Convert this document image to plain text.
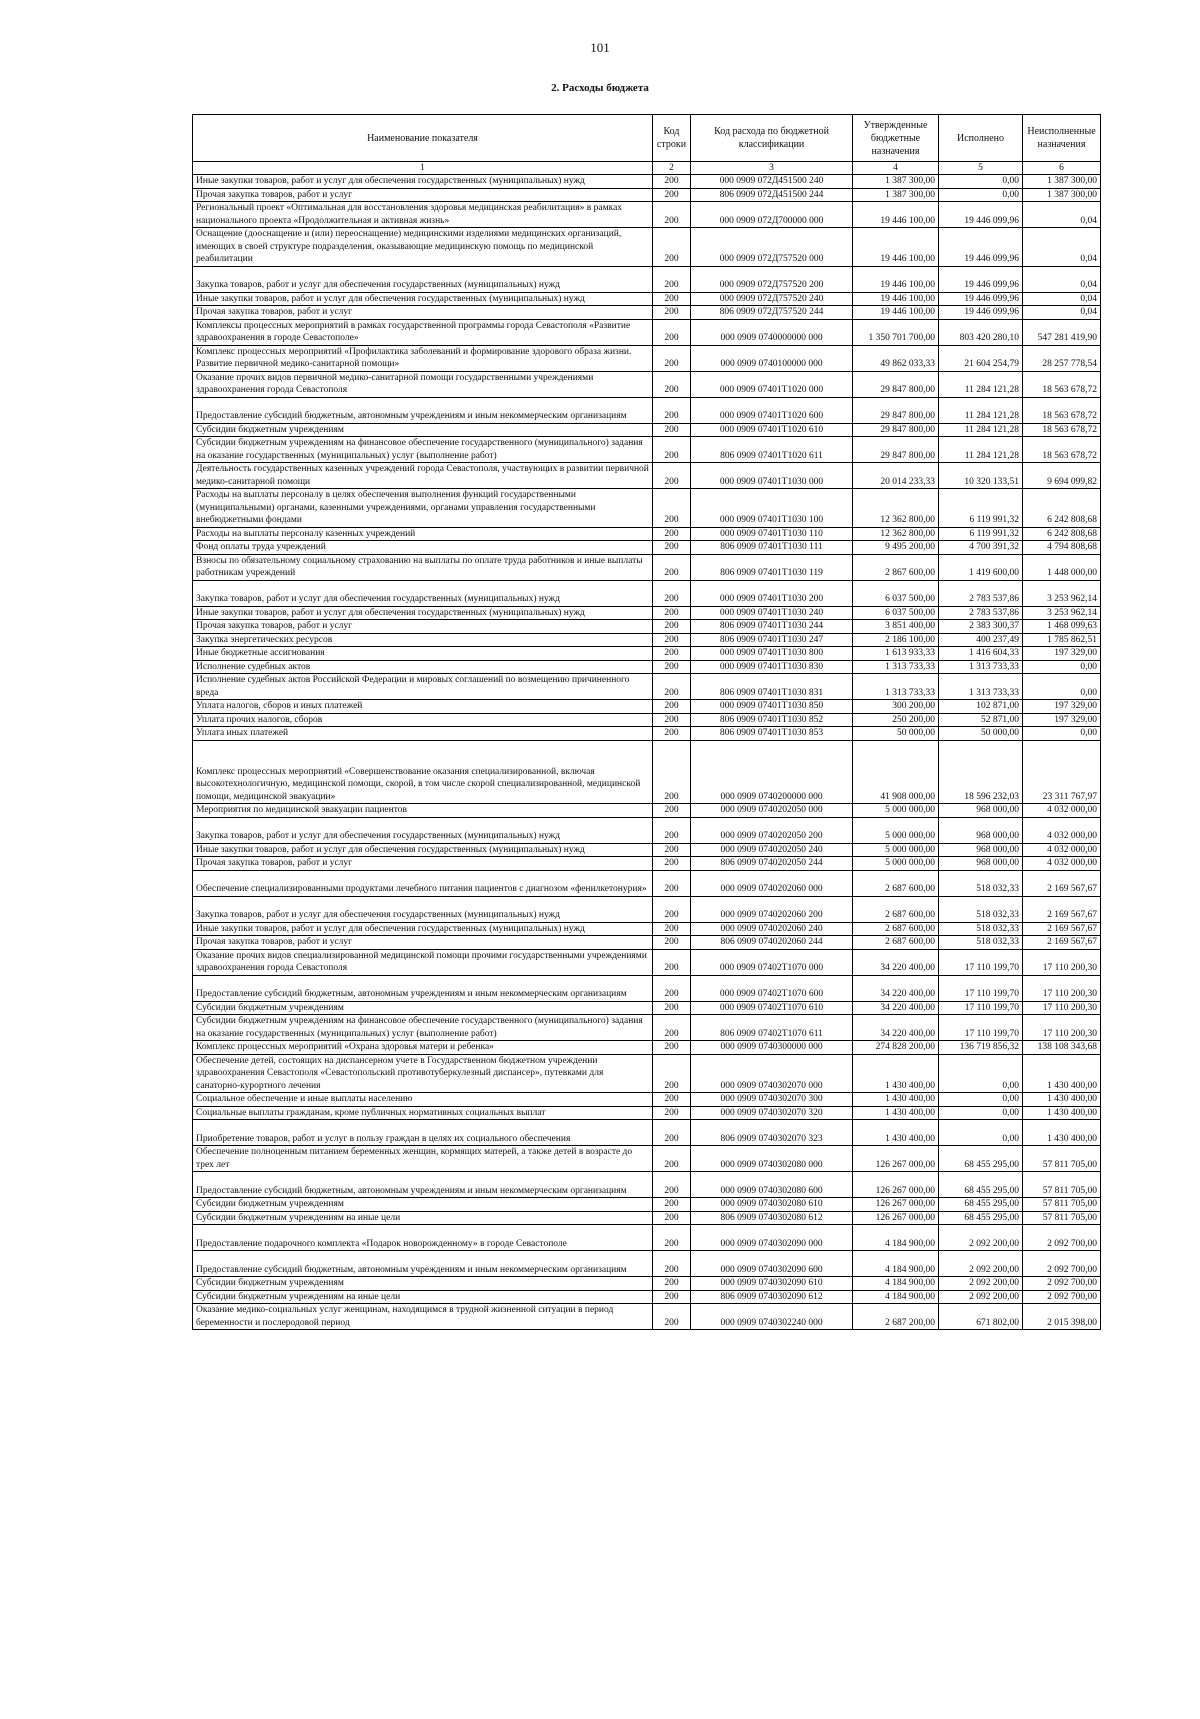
101
2. Расходы бюджета
Наименование показателя	Код строки	Код расхода по бюджетной классификации	Утвержденные бюджетные назначения	Исполнено	Неисполненные назначения
1	2	3	4	5	6
Иные закупки товаров, работ и услуг для обеспечения государственных (муниципальных) нужд	200	000 0909 072Д451500 240	1 387 300,00	0,00	1 387 300,00
Прочая закупка товаров, работ и услуг	200	806 0909 072Д451500 244	1 387 300,00	0,00	1 387 300,00
Региональный проект «Оптимальная для восстановления здоровья медицинская реабилитация» в рамках национального проекта «Продолжительная и активная жизнь»	200	000 0909 072Д700000 000	19 446 100,00	19 446 099,96	0,04
Оснащение (дооснащение и (или) переоснащение) медицинскими изделиями медицинских организаций, имеющих в своей структуре подразделения, оказывающие медицинскую помощь по медицинской реабилитации	200	000 0909 072Д757520 000	19 446 100,00	19 446 099,96	0,04
Закупка товаров, работ и услуг для обеспечения государственных (муниципальных) нужд	200	000 0909 072Д757520 200	19 446 100,00	19 446 099,96	0,04
Иные закупки товаров, работ и услуг для обеспечения государственных (муниципальных) нужд	200	000 0909 072Д757520 240	19 446 100,00	19 446 099,96	0,04
Прочая закупка товаров, работ и услуг	200	806 0909 072Д757520 244	19 446 100,00	19 446 099,96	0,04
Комплексы процессных мероприятий в рамках государственной программы города Севастополя «Развитие здравоохранения в городе Севастополе»	200	000 0909 0740000000 000	1 350 701 700,00	803 420 280,10	547 281 419,90
Комплекс процессных мероприятий «Профилактика заболеваний и формирование здорового образа жизни. Развитие первичной медико-санитарной помощи»	200	000 0909 0740100000 000	49 862 033,33	21 604 254,79	28 257 778,54
Оказание прочих видов первичной медико-санитарной помощи государственными учреждениями здравоохранения города Севастополя	200	000 0909 07401Т1020 000	29 847 800,00	11 284 121,28	18 563 678,72
Предоставление субсидий бюджетным, автономным учреждениям и иным некоммерческим организациям	200	000 0909 07401Т1020 600	29 847 800,00	11 284 121,28	18 563 678,72
Субсидии бюджетным учреждениям	200	000 0909 07401Т1020 610	29 847 800,00	11 284 121,28	18 563 678,72
Субсидии бюджетным учреждениям на финансовое обеспечение государственного (муниципального) задания на оказание государственных (муниципальных) услуг (выполнение работ)	200	806 0909 07401Т1020 611	29 847 800,00	11 284 121,28	18 563 678,72
Деятельность государственных казенных учреждений города Севастополя, участвующих в развитии первичной медико-санитарной помощи	200	000 0909 07401Т1030 000	20 014 233,33	10 320 133,51	9 694 099,82
Расходы на выплаты персоналу в целях обеспечения выполнения функций государственными (муниципальными) органами, казенными учреждениями, органами управления государственными внебюджетными фондами	200	000 0909 07401Т1030 100	12 362 800,00	6 119 991,32	6 242 808,68
Расходы на выплаты персоналу казенных учреждений	200	000 0909 07401Т1030 110	12 362 800,00	6 119 991,32	6 242 808,68
Фонд оплаты труда учреждений	200	806 0909 07401Т1030 111	9 495 200,00	4 700 391,32	4 794 808,68
Взносы по обязательному социальному страхованию на выплаты по оплате труда работников и иные выплаты работникам учреждений	200	806 0909 07401Т1030 119	2 867 600,00	1 419 600,00	1 448 000,00
Закупка товаров, работ и услуг для обеспечения государственных (муниципальных) нужд	200	000 0909 07401Т1030 200	6 037 500,00	2 783 537,86	3 253 962,14
Иные закупки товаров, работ и услуг для обеспечения государственных (муниципальных) нужд	200	000 0909 07401Т1030 240	6 037 500,00	2 783 537,86	3 253 962,14
Прочая закупка товаров, работ и услуг	200	806 0909 07401Т1030 244	3 851 400,00	2 383 300,37	1 468 099,63
Закупка энергетических ресурсов	200	806 0909 07401Т1030 247	2 186 100,00	400 237,49	1 785 862,51
Иные бюджетные ассигнования	200	000 0909 07401Т1030 800	1 613 933,33	1 416 604,33	197 329,00
Исполнение судебных актов	200	000 0909 07401Т1030 830	1 313 733,33	1 313 733,33	0,00
Исполнение судебных актов Российской Федерации и мировых соглашений по возмещению причиненного вреда	200	806 0909 07401Т1030 831	1 313 733,33	1 313 733,33	0,00
Уплата налогов, сборов и иных платежей	200	000 0909 07401Т1030 850	300 200,00	102 871,00	197 329,00
Уплата прочих налогов, сборов	200	806 0909 07401Т1030 852	250 200,00	52 871,00	197 329,00
Уплата иных платежей	200	806 0909 07401Т1030 853	50 000,00	50 000,00	0,00
Комплекс процессных мероприятий «Совершенствование оказания специализированной, включая высокотехнологичную, медицинской помощи, скорой, в том числе скорой специализированной, медицинской помощи, медицинской эвакуации»	200	000 0909 0740200000 000	41 908 000,00	18 596 232,03	23 311 767,97
Мероприятия по медицинской эвакуации пациентов	200	000 0909 0740202050 000	5 000 000,00	968 000,00	4 032 000,00
Закупка товаров, работ и услуг для обеспечения государственных (муниципальных) нужд	200	000 0909 0740202050 200	5 000 000,00	968 000,00	4 032 000,00
Иные закупки товаров, работ и услуг для обеспечения государственных (муниципальных) нужд	200	000 0909 0740202050 240	5 000 000,00	968 000,00	4 032 000,00
Прочая закупка товаров, работ и услуг	200	806 0909 0740202050 244	5 000 000,00	968 000,00	4 032 000,00
Обеспечение специализированными продуктами лечебного питания пациентов с диагнозом «фенилкетонурия»	200	000 0909 0740202060 000	2 687 600,00	518 032,33	2 169 567,67
Закупка товаров, работ и услуг для обеспечения государственных (муниципальных) нужд	200	000 0909 0740202060 200	2 687 600,00	518 032,33	2 169 567,67
Иные закупки товаров, работ и услуг для обеспечения государственных (муниципальных) нужд	200	000 0909 0740202060 240	2 687 600,00	518 032,33	2 169 567,67
Прочая закупка товаров, работ и услуг	200	806 0909 0740202060 244	2 687 600,00	518 032,33	2 169 567,67
Оказание прочих видов специализированной медицинской помощи прочими государственными учреждениями здравоохранения города Севастополя	200	000 0909 07402Т1070 000	34 220 400,00	17 110 199,70	17 110 200,30
Предоставление субсидий бюджетным, автономным учреждениям и иным некоммерческим организациям	200	000 0909 07402Т1070 600	34 220 400,00	17 110 199,70	17 110 200,30
Субсидии бюджетным учреждениям	200	000 0909 07402Т1070 610	34 220 400,00	17 110 199,70	17 110 200,30
Субсидии бюджетным учреждениям на финансовое обеспечение государственного (муниципального) задания на оказание государственных (муниципальных) услуг (выполнение работ)	200	806 0909 07402Т1070 611	34 220 400,00	17 110 199,70	17 110 200,30
Комплекс процессных мероприятий «Охрана здоровья матери и ребенка»	200	000 0909 0740300000 000	274 828 200,00	136 719 856,32	138 108 343,68
Обеспечение детей, состоящих на диспансерном учете в Государственном бюджетном учреждении здравоохранения Севастополя «Севастопольский противотуберкулезный диспансер», путевками для санаторно-курортного лечения	200	000 0909 0740302070 000	1 430 400,00	0,00	1 430 400,00
Социальное обеспечение и иные выплаты населению	200	000 0909 0740302070 300	1 430 400,00	0,00	1 430 400,00
Социальные выплаты гражданам, кроме публичных нормативных социальных выплат	200	000 0909 0740302070 320	1 430 400,00	0,00	1 430 400,00
Приобретение товаров, работ и услуг в пользу граждан в целях их социального обеспечения	200	806 0909 0740302070 323	1 430 400,00	0,00	1 430 400,00
Обеспечение полноценным питанием беременных женщин, кормящих матерей, а также детей в возрасте до трех лет	200	000 0909 0740302080 000	126 267 000,00	68 455 295,00	57 811 705,00
Предоставление субсидий бюджетным, автономным учреждениям и иным некоммерческим организациям	200	000 0909 0740302080 600	126 267 000,00	68 455 295,00	57 811 705,00
Субсидии бюджетным учреждениям	200	000 0909 0740302080 610	126 267 000,00	68 455 295,00	57 811 705,00
Субсидии бюджетным учреждениям на иные цели	200	806 0909 0740302080 612	126 267 000,00	68 455 295,00	57 811 705,00
Предоставление подарочного комплекта «Подарок новорожденному» в городе Севастополе	200	000 0909 0740302090 000	4 184 900,00	2 092 200,00	2 092 700,00
Предоставление субсидий бюджетным, автономным учреждениям и иным некоммерческим организациям	200	000 0909 0740302090 600	4 184 900,00	2 092 200,00	2 092 700,00
Субсидии бюджетным учреждениям	200	000 0909 0740302090 610	4 184 900,00	2 092 200,00	2 092 700,00
Субсидии бюджетным учреждениям на иные цели	200	806 0909 0740302090 612	4 184 900,00	2 092 200,00	2 092 700,00
Оказание медико-социальных услуг женщинам, находящимся в трудной жизненной ситуации в период беременности и послеродовой период	200	000 0909 0740302240 000	2 687 200,00	671 802,00	2 015 398,00
